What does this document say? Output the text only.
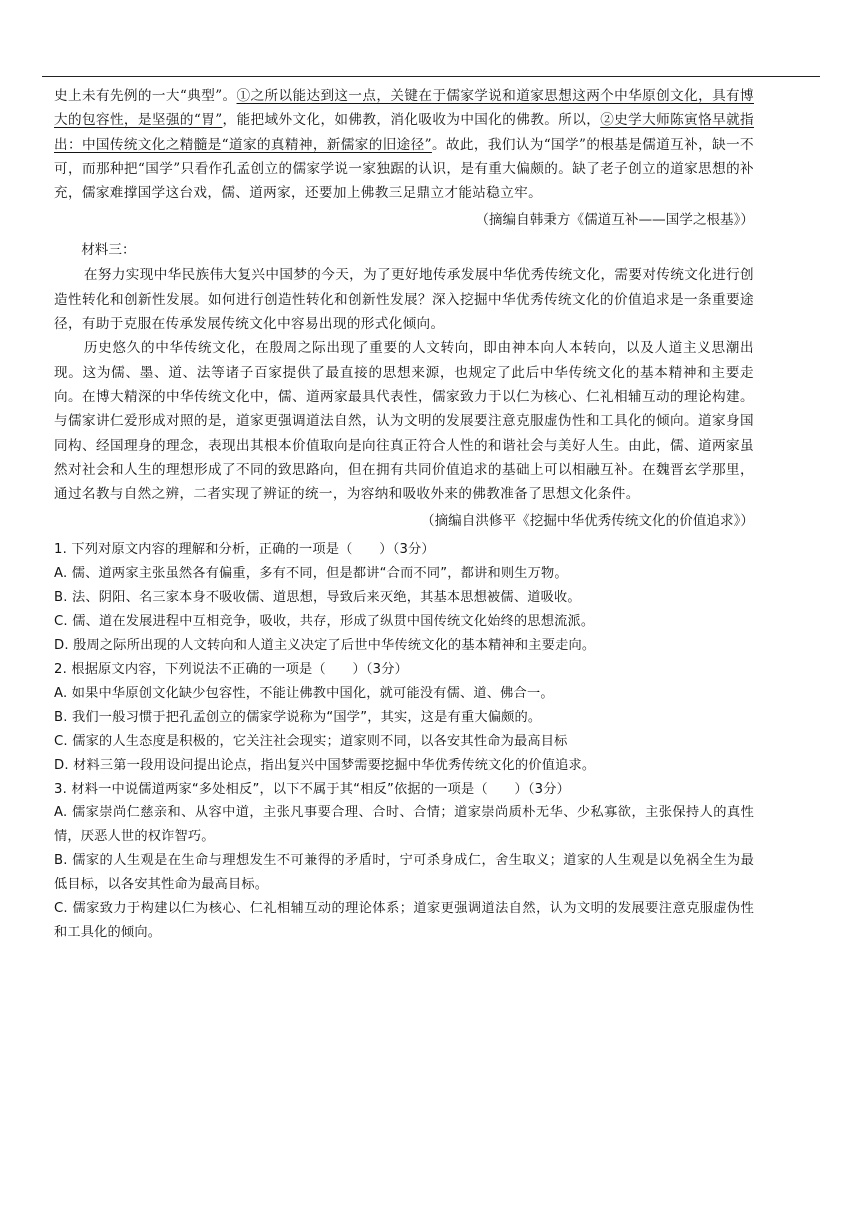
史上未有先例的一大“典型”。①之所以能达到这一点，关键在于儒家学说和道家思想这两个中华原创文化，具有博大的包容性，是坚强的“胃”，能把域外文化，如佛教，消化吸收为中国化的佛教。所以，②史学大师陈寅恪早就指出：中国传统文化之精髓是“道家的真精神，新儒家的旧途径”。故此，我们认为“国学”的根基是儒道互补，缺一不可，而那种把“国学”只看作孔孟创立的儒家学说一家独踞的认识，是有重大偏颇的。缺了老子创立的道家思想的补充，儒家难撑国学这台戏，儒、道两家，还要加上佛教三足鼎立才能站稳立牢。

（摘编自韩秉方《儒道互补——国学之根基》）

材料三：

在努力实现中华民族伟大复兴中国梦的今天，为了更好地传承发展中华优秀传统文化，需要对传统文化进行创造性转化和创新性发展。如何进行创造性转化和创新性发展？深入挖掘中华优秀传统文化的价值追求是一条重要途径，有助于克服在传承发展传统文化中容易出现的形式化倾向。

历史悠久的中华传统文化，在殷周之际出现了重要的人文转向，即由神本向人本转向，以及人道主义思潮出现。这为儒、墨、道、法等诸子百家提供了最直接的思想来源，也规定了此后中华传统文化的基本精神和主要走向。在博大精深的中华传统文化中，儒、道两家最具代表性，儒家致力于以仁为核心、仁礼相辅互动的理论构建。与儒家讲仁爱形成对照的是，道家更强调道法自然，认为文明的发展要注意克服虚伪性和工具化的倾向。道家身国同构、经国理身的理念，表现出其根本价值取向是向往真正符合人性的和谐社会与美好人生。由此，儒、道两家虽然对社会和人生的理想形成了不同的致思路向，但在拥有共同价值追求的基础上可以相融互补。在魏晋玄学那里，通过名教与自然之辨，二者实现了辨证的统一，为容纳和吸收外来的佛教准备了思想文化条件。

（摘编自洪修平《挖掘中华优秀传统文化的价值追求》）

1. 下列对原文内容的理解和分析，正确的一项是（　　）（3分）

A. 儒、道两家主张虽然各有偏重，多有不同，但是都讲“合而不同”，都讲和则生万物。

B. 法、阴阳、名三家本身不吸收儒、道思想，导致后来灭绝，其基本思想被儒、道吸收。

C. 儒、道在发展进程中互相竞争，吸收，共存，形成了纵贯中国传统文化始终的思想流派。

D. 殷周之际所出现的人文转向和人道主义决定了后世中华传统文化的基本精神和主要走向。

2. 根据原文内容，下列说法不正确的一项是（　　）（3分）

A. 如果中华原创文化缺少包容性，不能让佛教中国化，就可能没有儒、道、佛合一。

B. 我们一般习惯于把孔孟创立的儒家学说称为“国学”，其实，这是有重大偏颇的。

C. 儒家的人生态度是积极的，它关注社会现实；道家则不同，以各安其性命为最高目标

D. 材料三第一段用设问提出论点，指出复兴中国梦需要挖掘中华优秀传统文化的价值追求。

3. 材料一中说儒道两家“多处相反”，以下不属于其“相反”依据的一项是（　　）（3分）

A. 儒家崇尚仁慈亲和、从容中道，主张凡事要合理、合时、合情；道家崇尚质朴无华、少私寡欲，主张保持人的真性情，厌恶人世的权诈智巧。

B. 儒家的人生观是在生命与理想发生不可兼得的矛盾时，宁可杀身成仁，舍生取义；道家的人生观是以免祸全生为最低目标，以各安其性命为最高目标。

C. 儒家致力于构建以仁为核心、仁礼相辅互动的理论体系；道家更强调道法自然，认为文明的发展要注意克服虚伪性和工具化的倾向。
